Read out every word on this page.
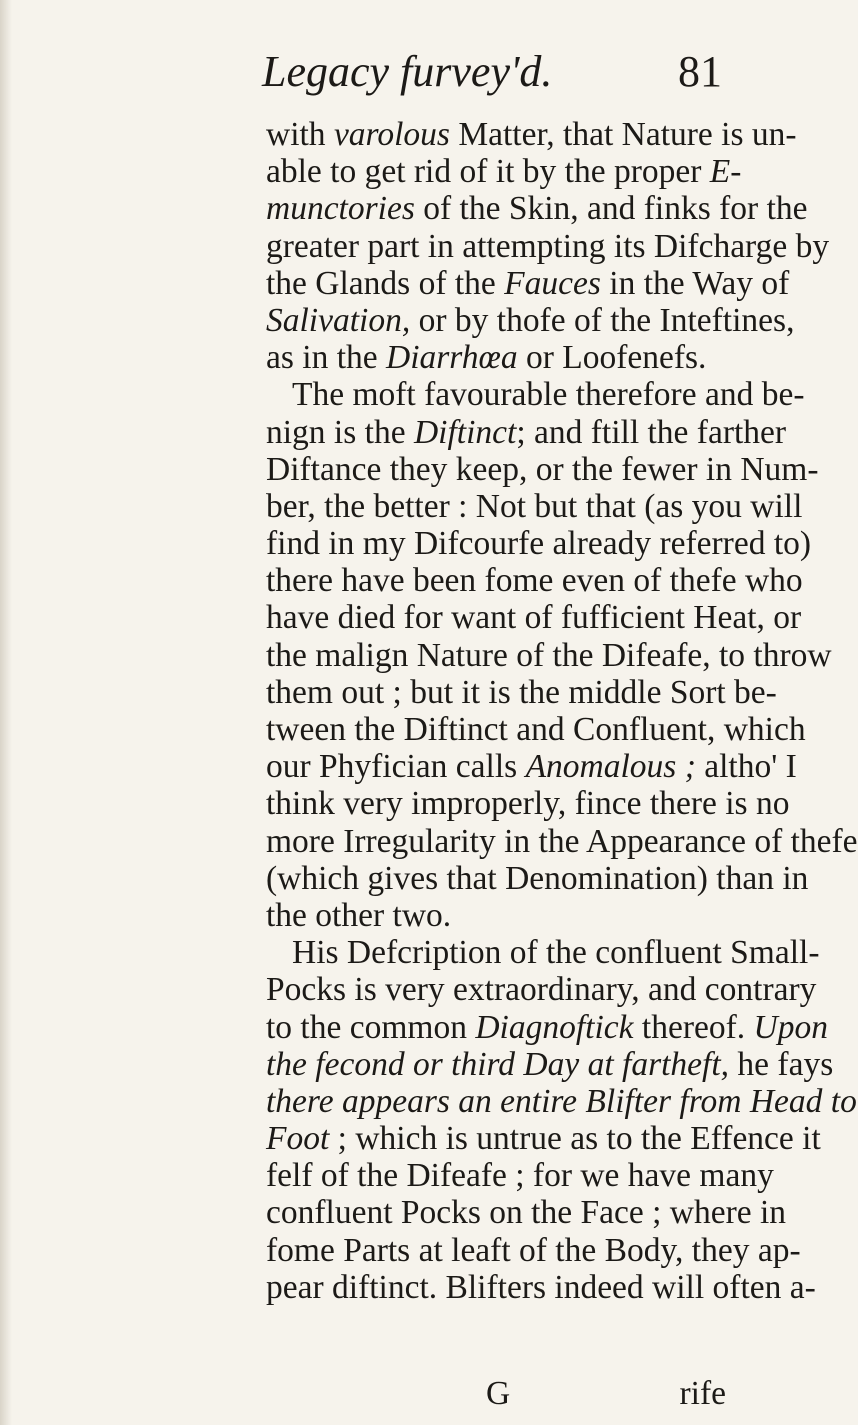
Legacy furvey'd.	81
with varolous Matter, that Nature is un-
able to get rid of it by the proper E-
munctories of the Skin, and finks for the
greater part in attempting its Difcharge by
the Glands of the Fauces in the Way of
Salivation, or by thofe of the Inteftines,
as in the Diarrhœa or Loofenefs.
The moft favourable therefore and be-
nign is the Diftinct; and ftill the farther
Diftance they keep, or the fewer in Num-
ber, the better : Not but that (as you will
find in my Difcourfe already referred to)
there have been fome even of thefe who
have died for want of fufficient Heat, or
the malign Nature of the Difeafe, to throw
them out ; but it is the middle Sort be-
tween the Diftinct and Confluent, which
our Phyfician calls Anomalous ; altho' I
think very improperly, fince there is no
more Irregularity in the Appearance of thefe
(which gives that Denomination) than in
the other two.
His Defcription of the confluent Small-
Pocks is very extraordinary, and contrary
to the common Diagnoftick thereof. Upon
the fecond or third Day at fartheft, he fays
there appears an entire Blifter from Head to
Foot ; which is untrue as to the Effence it
felf of the Difeafe ; for we have many
confluent Pocks on the Face ; where in
fome Parts at leaft of the Body, they ap-
pear diftinct. Blifters indeed will often a-
G	rife
